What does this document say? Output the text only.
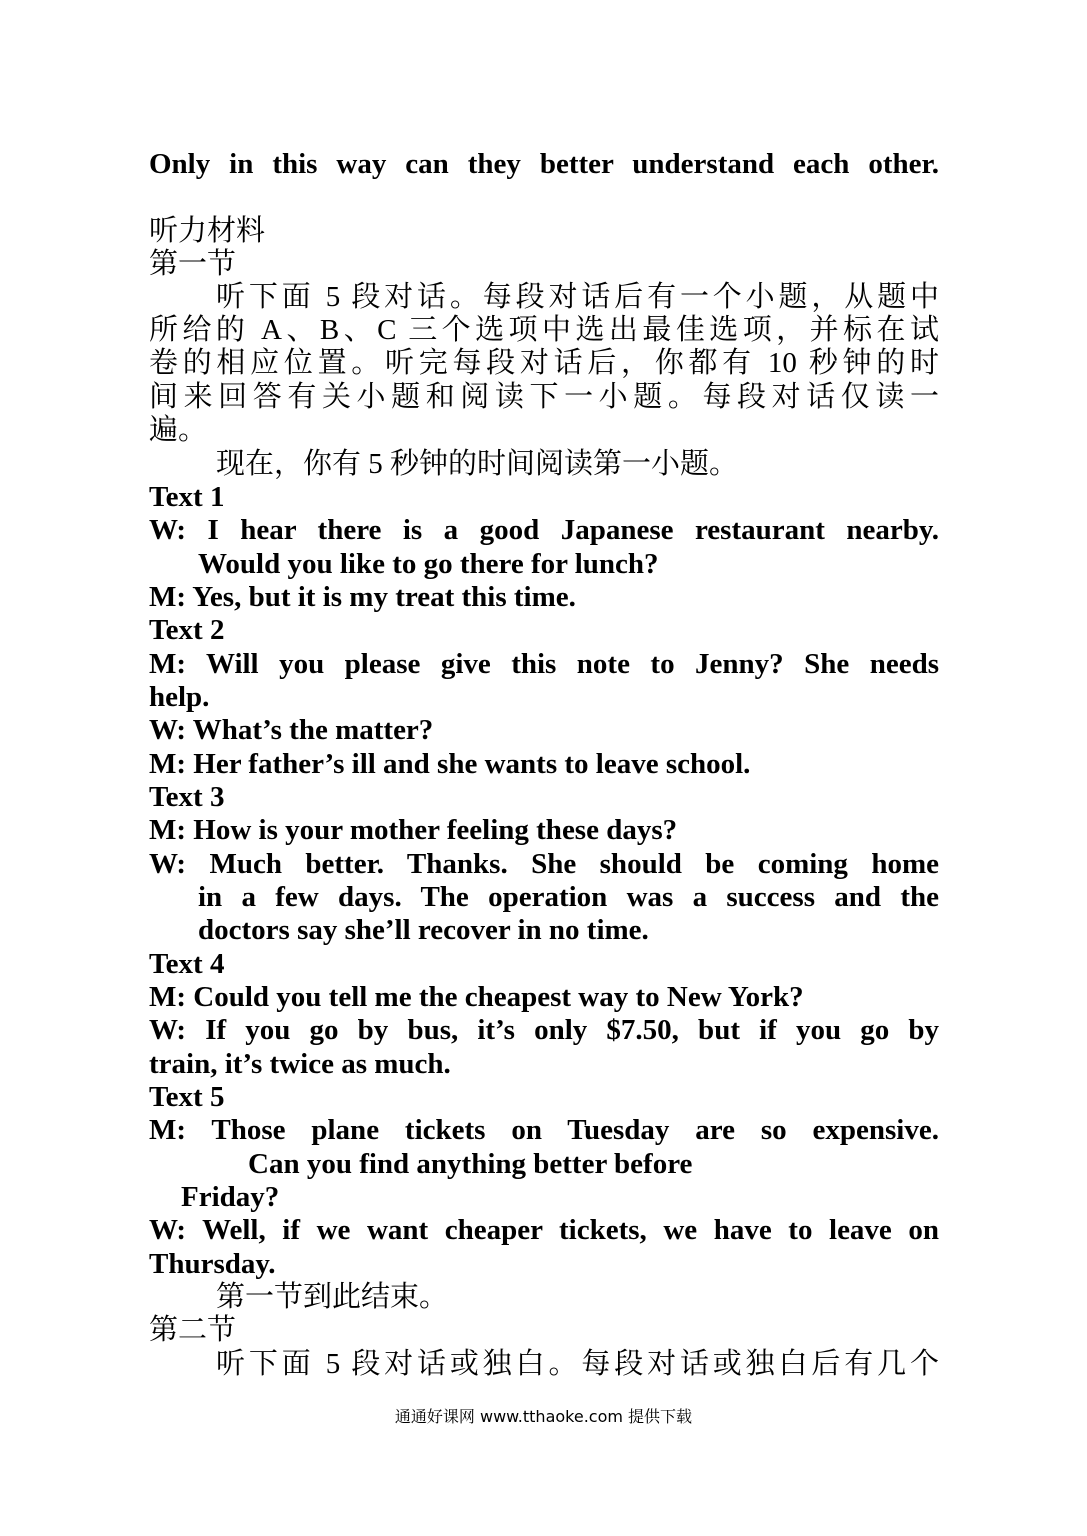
Only in this way can they better understand each other.

听力材料

第一节

听下面 5 段对话。每段对话后有一个小题，从题中

所给的 A、B、C 三个选项中选出最佳选项，并标在试

卷的相应位置。听完每段对话后，你都有 10 秒钟的时

间来回答有关小题和阅读下一小题。每段对话仅读一

遍。

现在，你有 5 秒钟的时间阅读第一小题。

Text 1

W: I hear there is a good Japanese restaurant nearby.

Would you like to go there for lunch?

M: Yes, but it is my treat this time.

Text 2

M: Will you please give this note to Jenny? She needs

help.

W: What’s the matter?

M: Her father’s ill and she wants to leave school.

Text 3

M: How is your mother feeling these days?

W: Much better. Thanks. She should be coming home

in a few days. The operation was a success and the

doctors say she’ll recover in no time.

Text 4

M: Could you tell me the cheapest way to New York?

W: If you go by bus, it’s only $7.50, but if you go by

train, it’s twice as much.

Text 5

M: Those plane tickets on Tuesday are so expensive.

Can you find anything better before

Friday?

W: Well, if we want cheaper tickets, we have to leave on

Thursday.

第一节到此结束。

第二节

听下面 5 段对话或独白。每段对话或独白后有几个

通通好课网 www.tthaoke.com 提供下载
